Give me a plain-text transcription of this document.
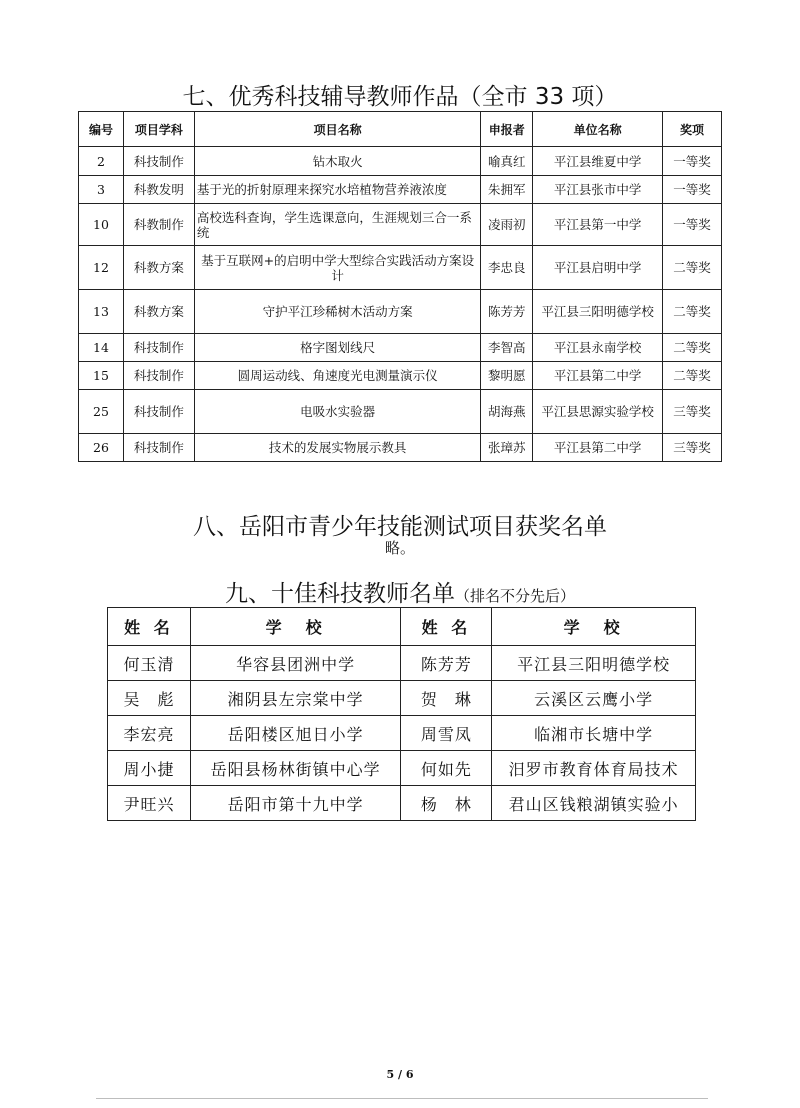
七、优秀科技辅导教师作品（全市 33 项）
编号	项目学科	项目名称	申报者	单位名称	奖项
2	科技制作	钻木取火	喻真红	平江县维夏中学	一等奖
3	科教发明	基于光的折射原理来探究水培植物营养液浓度	朱拥军	平江县张市中学	一等奖
10	科教制作	高校选科查询，学生选课意向，生涯规划三合一系统	凌雨初	平江县第一中学	一等奖
12	科教方案	基于互联网+的启明中学大型综合实践活动方案设计	李忠良	平江县启明中学	二等奖
13	科教方案	守护平江珍稀树木活动方案	陈芳芳	平江县三阳明德学校	二等奖
14	科技制作	格字图划线尺	李智高	平江县永南学校	二等奖
15	科技制作	圆周运动线、角速度光电测量演示仪	黎明愿	平江县第二中学	二等奖
25	科技制作	电吸水实验器	胡海燕	平江县思源实验学校	三等奖
26	科技制作	技术的发展实物展示教具	张璋苏	平江县第二中学	三等奖
八、岳阳市青少年技能测试项目获奖名单
略。
九、十佳科技教师名单（排名不分先后）
姓 名	学　校	姓 名	学　校
何玉清	华容县团洲中学	陈芳芳	平江县三阳明德学校
吴　彪	湘阴县左宗棠中学	贺　琳	云溪区云鹰小学
李宏亮	岳阳楼区旭日小学	周雪凤	临湘市长塘中学
周小捷	岳阳县杨林街镇中心学	何如先	汨罗市教育体育局技术
尹旺兴	岳阳市第十九中学	杨　林	君山区钱粮湖镇实验小
5 / 6
